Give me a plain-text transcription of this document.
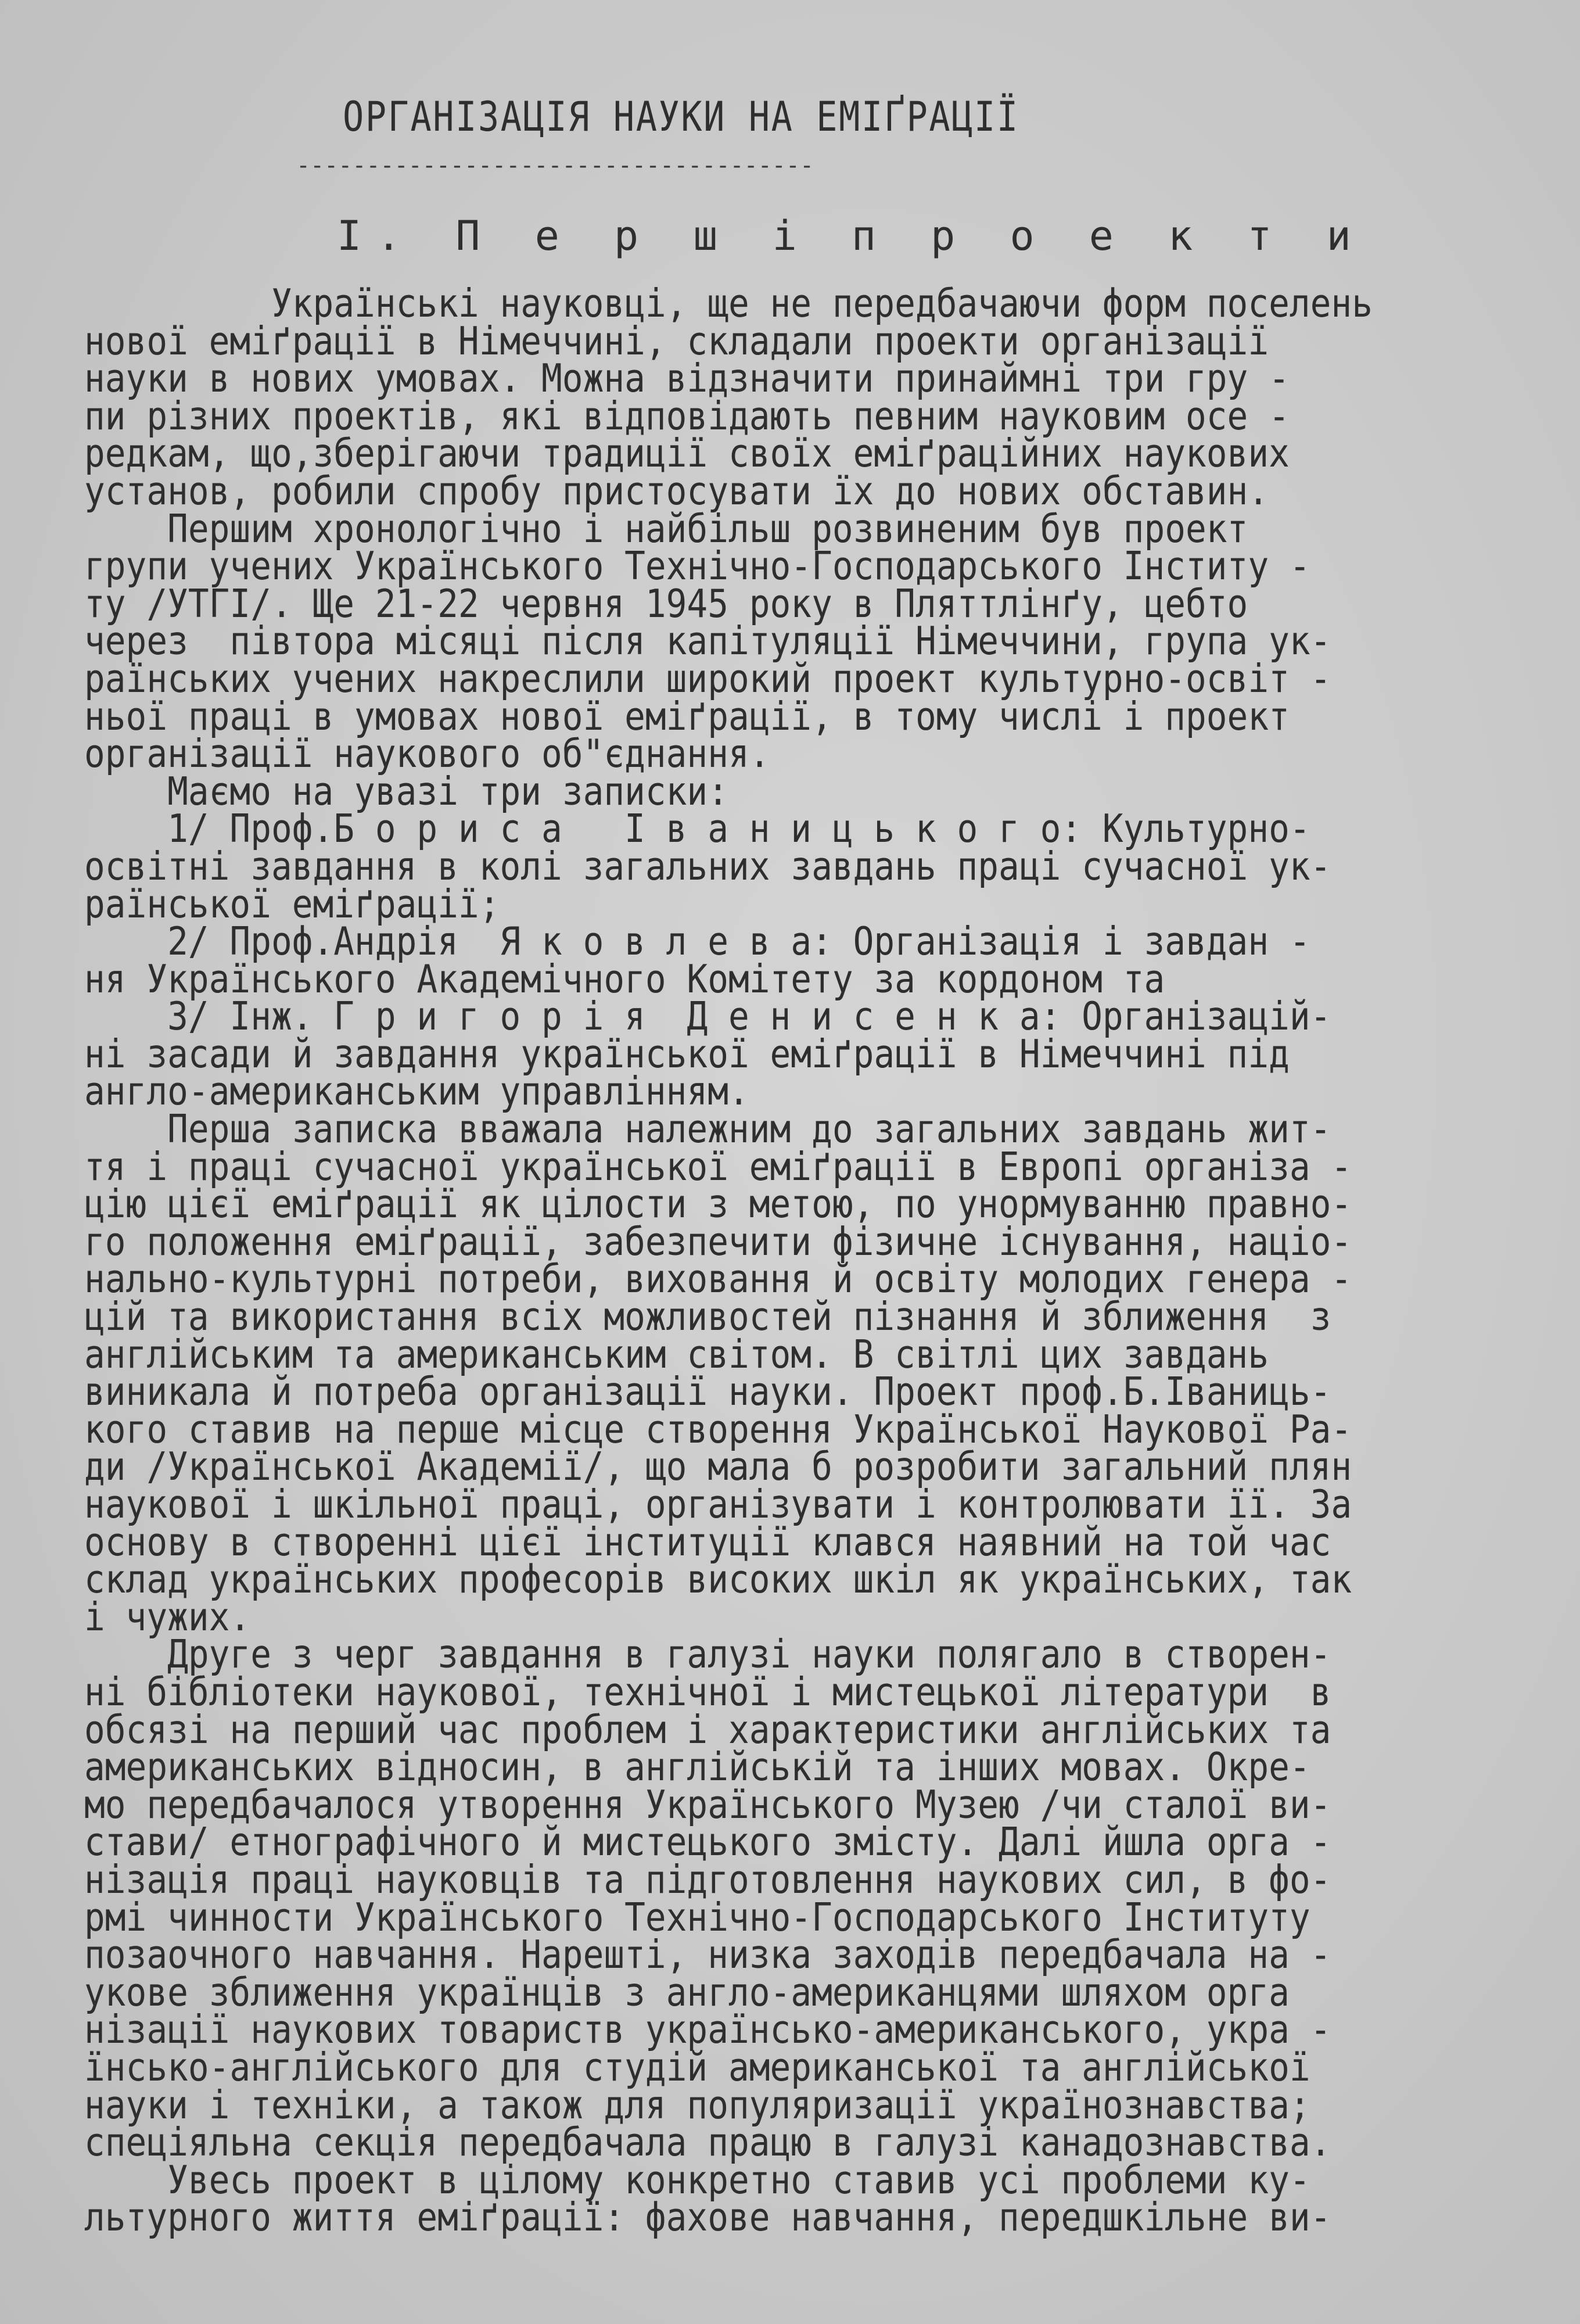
ОРГАНІЗАЦІЯ НАУКИ НА ЕМІҐРАЦІЇ
-------------------------------------
І. П е р ш і п р о е к т и
Українські науковці, ще не передбачаючи форм поселень
нової еміґрації в Німеччині, складали проекти організації
науки в нових умовах. Можна відзначити принаймні три гру -
пи різних проектів, які відповідають певним науковим осе -
редкам, що,зберігаючи традиції своїх еміґраційних наукових
установ, робили спробу пристосувати їх до нових обставин.
Першим хронологічно і найбільш розвиненим був проект
групи учених Українського Технічно-Господарського Інститу -
ту /УТГІ/. Ще 21-22 червня 1945 року в Пляттлінґу, цебто
через  півтора місяці після капітуляції Німеччини, група ук-
раїнських учених накреслили широкий проект культурно-освіт -
ньої праці в умовах нової еміґрації, в тому числі і проект
організації наукового об"єднання.
Маємо на увазі три записки:
1/ Проф.Б о р и с а   І в а н и ц ь к о г о: Культурно-
освітні завдання в колі загальних завдань праці сучасної ук-
раїнської еміґрації;
2/ Проф.Андрія  Я к о в л е в а: Організація і завдан -
ня Українського Академічного Комітету за кордоном та
3/ Інж. Г р и г о р і я  Д е н и с е н к а: Організацій-
ні засади й завдання української еміґрації в Німеччині під
англо-американським управлінням.
Перша записка вважала належним до загальних завдань жит-
тя і праці сучасної української еміґрації в Европі організа -
цію цієї еміґрації як цілости з метою, по унормуванню правно-
го положення еміґрації, забезпечити фізичне існування, націо-
нально-культурні потреби, виховання й освіту молодих генера -
цій та використання всіх можливостей пізнання й зближення  з
англійським та американським світом. В світлі цих завдань
виникала й потреба організації науки. Проект проф.Б.Іваниць-
кого ставив на перше місце створення Української Наукової Ра-
ди /Української Академії/, що мала б розробити загальний плян
наукової і шкільної праці, організувати і контролювати її. За
основу в створенні цієї інституції клався наявний на той час
склад українських професорів високих шкіл як українських, так
і чужих.
Друге з черг завдання в галузі науки полягало в створен-
ні бібліотеки наукової, технічної і мистецької літератури  в
обсязі на перший час проблем і характеристики англійських та
американських відносин, в англійській та інших мовах. Окре-
мо передбачалося утворення Українського Музею /чи сталої ви-
стави/ етнографічного й мистецького змісту. Далі йшла орга -
нізація праці науковців та підготовлення наукових сил, в фо-
рмі чинности Українського Технічно-Господарського Інституту
позаочного навчання. Нарешті, низка заходів передбачала на -
укове зближення українців з англо-американцями шляхом орга
нізації наукових товариств українсько-американського, укра -
їнсько-англійського для студій американської та англійської
науки і техніки, а також для популяризації українознавства;
спеціяльна секція передбачала працю в галузі канадознавства.
Увесь проект в цілому конкретно ставив усі проблеми ку-
льтурного життя еміґрації: фахове навчання, передшкільне ви-
